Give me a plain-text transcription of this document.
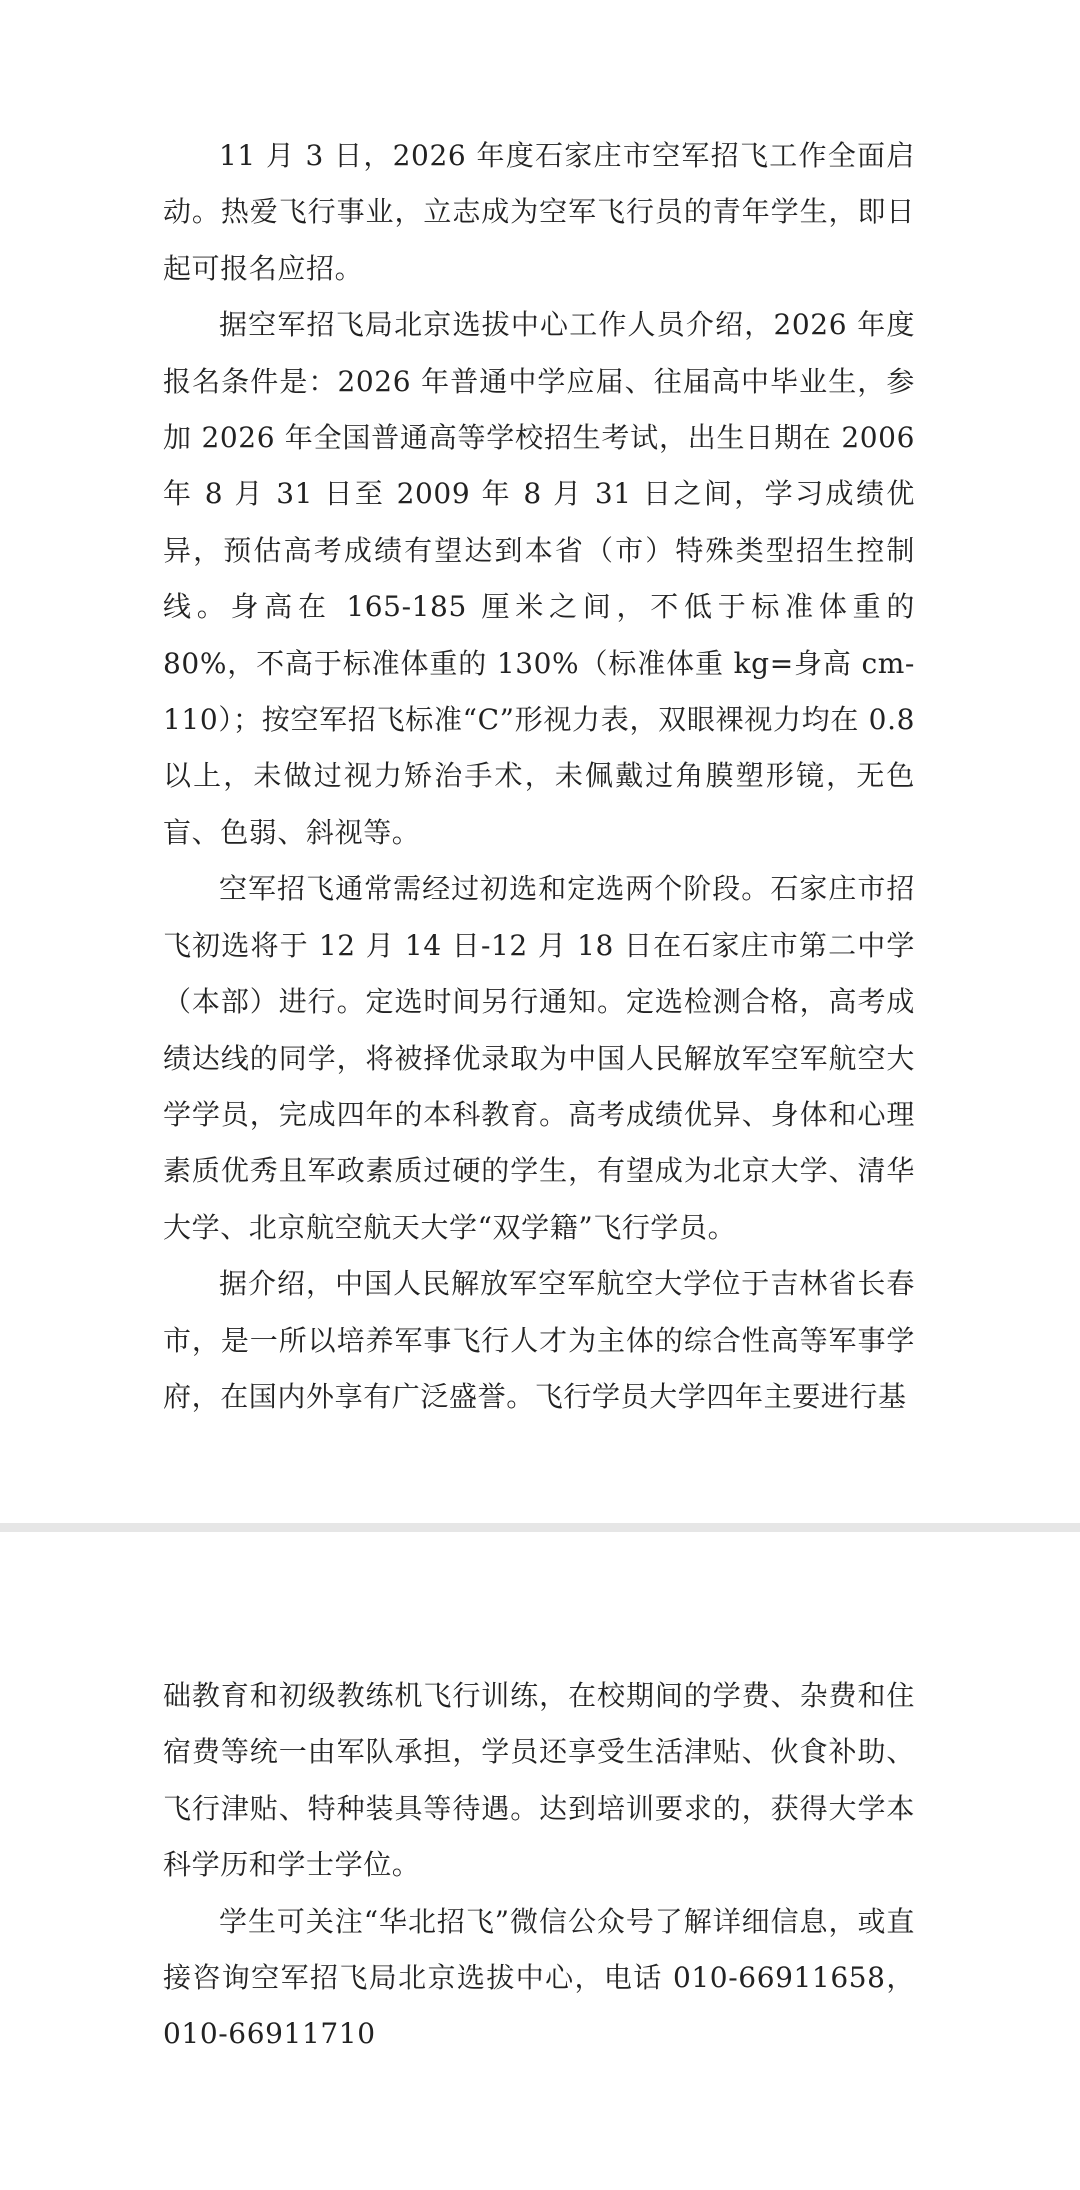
11 月 3 日，2026 年度石家庄市空军招飞工作全面启动。热爱飞行事业，立志成为空军飞行员的青年学生，即日起可报名应招。

据空军招飞局北京选拔中心工作人员介绍，2026 年度报名条件是：2026 年普通中学应届、往届高中毕业生，参加 2026 年全国普通高等学校招生考试，出生日期在 2006 年 8 月 31 日至 2009 年 8 月 31 日之间，学习成绩优异，预估高考成绩有望达到本省（市）特殊类型招生控制线。身高在 165-185 厘米之间，不低于标准体重的 80%，不高于标准体重的 130%（标准体重 kg=身高 cm-110）；按空军招飞标准“C”形视力表，双眼裸视力均在 0.8 以上，未做过视力矫治手术，未佩戴过角膜塑形镜，无色盲、色弱、斜视等。

空军招飞通常需经过初选和定选两个阶段。石家庄市招飞初选将于 12 月 14 日-12 月 18 日在石家庄市第二中学（本部）进行。定选时间另行通知。定选检测合格，高考成绩达线的同学，将被择优录取为中国人民解放军空军航空大学学员，完成四年的本科教育。高考成绩优异、身体和心理素质优秀且军政素质过硬的学生，有望成为北京大学、清华大学、北京航空航天大学“双学籍”飞行学员。

据介绍，中国人民解放军空军航空大学位于吉林省长春市，是一所以培养军事飞行人才为主体的综合性高等军事学府，在国内外享有广泛盛誉。飞行学员大学四年主要进行基

础教育和初级教练机飞行训练，在校期间的学费、杂费和住宿费等统一由军队承担，学员还享受生活津贴、伙食补助、飞行津贴、特种装具等待遇。达到培训要求的，获得大学本科学历和学士学位。

学生可关注“华北招飞”微信公众号了解详细信息，或直接咨询空军招飞局北京选拔中心，电话 010-66911658，010-66911710
